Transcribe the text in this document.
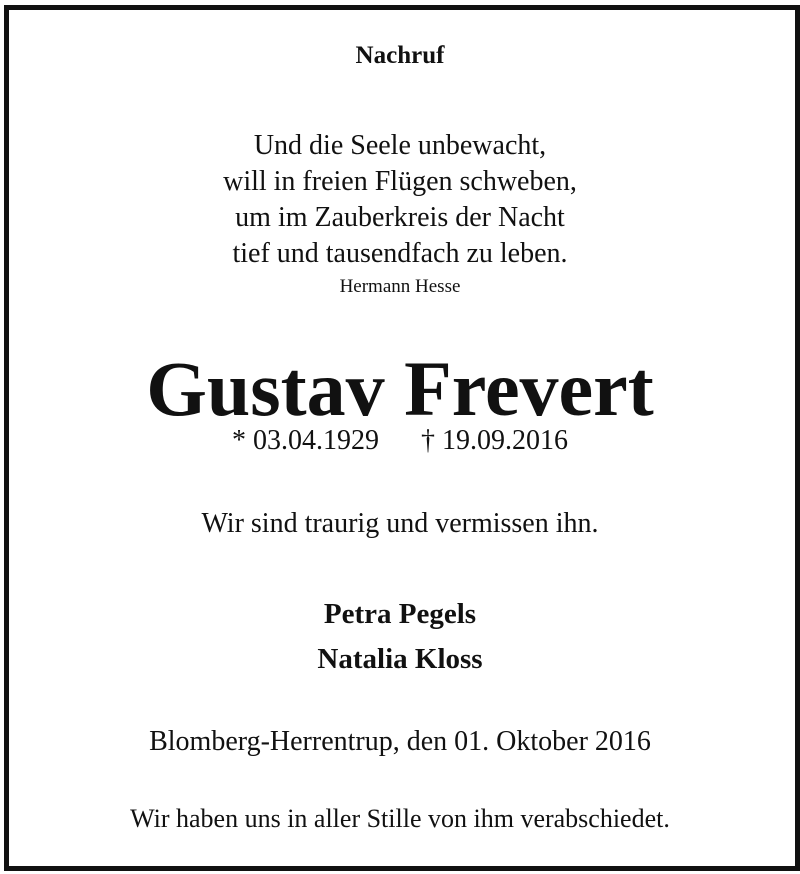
Nachruf
Und die Seele unbewacht,
will in freien Flügen schweben,
um im Zauberkreis der Nacht
tief und tausendfach zu leben.
Hermann Hesse
Gustav Frevert
* 03.04.1929 † 19.09.2016
Wir sind traurig und vermissen ihn.
Petra Pegels
Natalia Kloss
Blomberg-Herrentrup, den 01. Oktober 2016
Wir haben uns in aller Stille von ihm verabschiedet.
